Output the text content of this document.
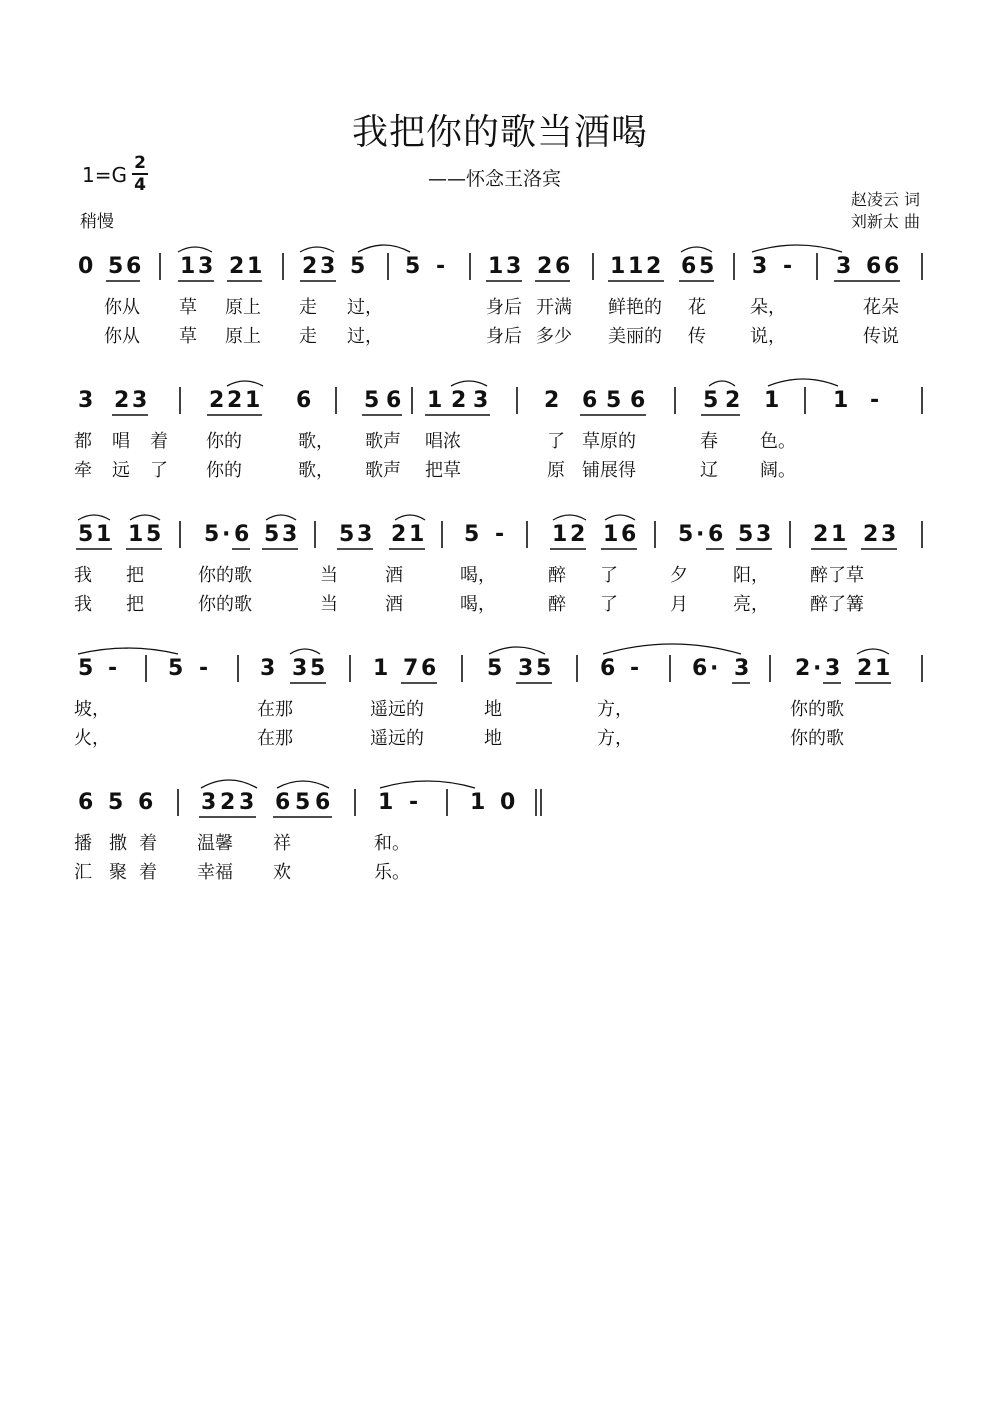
我把你的歌当酒喝
——怀念王洛宾
1=G 2
4
稍慢
赵凌云 词
刘新太 曲
0 5 6 1 3 2 1 2 3 5 5 - 1 3 2 6 1 1 2 6 5 3 - 3 6 6
你从 草 原上 走 过，	身后 开满 鲜艳的 花 朵，	花朵
你从 草 原上 走 过，	身后 多少 美丽的 传 说，	传说
3 2 3	2 2 1 6 5 6 1 2 3	2 6 5 6	5 2 1 1 -
都 唱 着 你的	歌， 歌声 唱浓	了 草原的	春 色。
牵 远 了 你的	歌， 歌声 把草	原 铺展得	辽 阔。
5 1 1 5 5 · 6 5 3 5 3 2 1 5 - 1 2 1 6 5 · 6 5 3 2 1 2 3
我 把	你的歌	当	酒	喝，	醉 了	夕	阳， 醉了草
我 把	你的歌	当	酒	喝，	醉 了	月	亮， 醉了篝
5 - 5 - 3 3 5 1 7 6 5 3 5 6 - 6 · 3 2 · 3 2 1
坡，	在那	遥远的	地	方，	你的歌
火，	在那	遥远的	地	方，	你的歌
6 5 6 3 2 3 6 5 6 1 - 1 0
播 撒 着 温馨 祥	和。
汇 聚 着 幸福 欢	乐。
